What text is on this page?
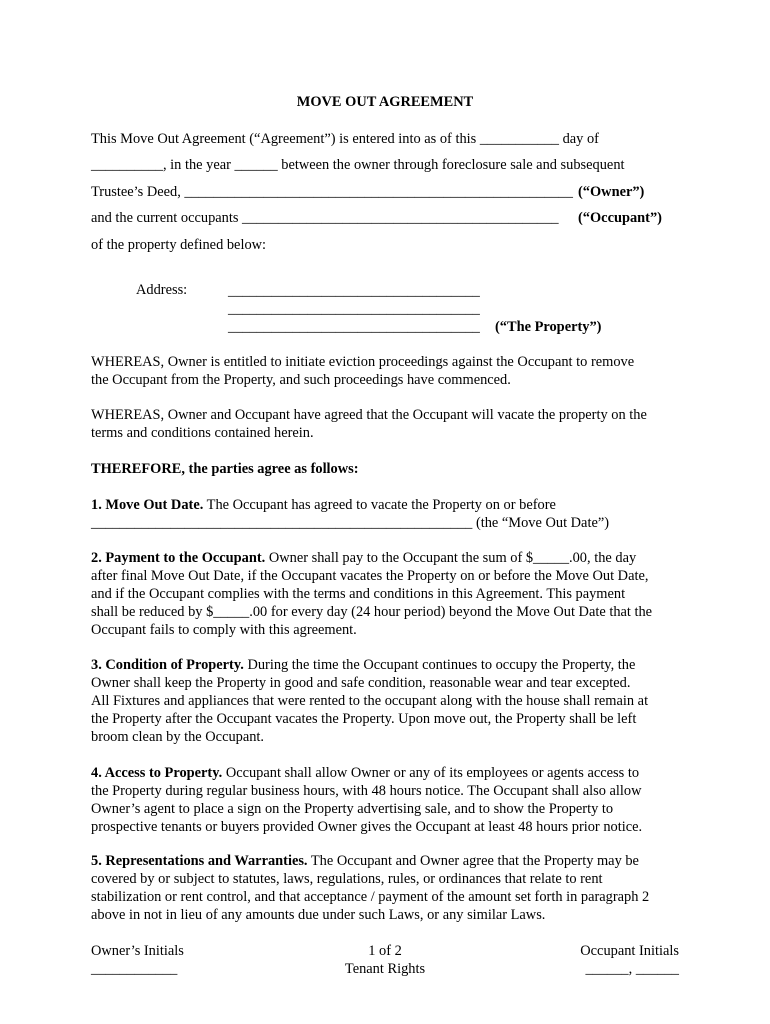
MOVE OUT AGREEMENT
This Move Out Agreement (“Agreement”) is entered into as of this ___________ day of
__________, in the year ______ between the owner through foreclosure sale and subsequent
Trustee’s Deed, ______________________________________________________ (“Owner”)
and the current occupants ____________________________________________ (“Occupant”)
of the property defined below:
Address:	___________________________________
___________________________________
___________________________________ (“The Property”)
WHEREAS, Owner is entitled to initiate eviction proceedings against the Occupant to remove
the Occupant from the Property, and such proceedings have commenced.
WHEREAS, Owner and Occupant have agreed that the Occupant will vacate the property on the
terms and conditions contained herein.
THEREFORE, the parties agree as follows:
1. Move Out Date. The Occupant has agreed to vacate the Property on or before
_____________________________________________________ (the “Move Out Date”)
2. Payment to the Occupant. Owner shall pay to the Occupant the sum of $_____.00, the day
after final Move Out Date, if the Occupant vacates the Property on or before the Move Out Date,
and if the Occupant complies with the terms and conditions in this Agreement. This payment
shall be reduced by $_____.00 for every day (24 hour period) beyond the Move Out Date that the
Occupant fails to comply with this agreement.
3. Condition of Property. During the time the Occupant continues to occupy the Property, the
Owner shall keep the Property in good and safe condition, reasonable wear and tear excepted.
All Fixtures and appliances that were rented to the occupant along with the house shall remain at
the Property after the Occupant vacates the Property. Upon move out, the Property shall be left
broom clean by the Occupant.
4. Access to Property. Occupant shall allow Owner or any of its employees or agents access to
the Property during regular business hours, with 48 hours notice. The Occupant shall also allow
Owner’s agent to place a sign on the Property advertising sale, and to show the Property to
prospective tenants or buyers provided Owner gives the Occupant at least 48 hours prior notice.
5. Representations and Warranties. The Occupant and Owner agree that the Property may be
covered by or subject to statutes, laws, regulations, rules, or ordinances that relate to rent
stabilization or rent control, and that acceptance / payment of the amount set forth in paragraph 2
above in not in lieu of any amounts due under such Laws, or any similar Laws.
Owner’s Initials
____________
1 of 2
Tenant Rights
Occupant Initials
______, ______
